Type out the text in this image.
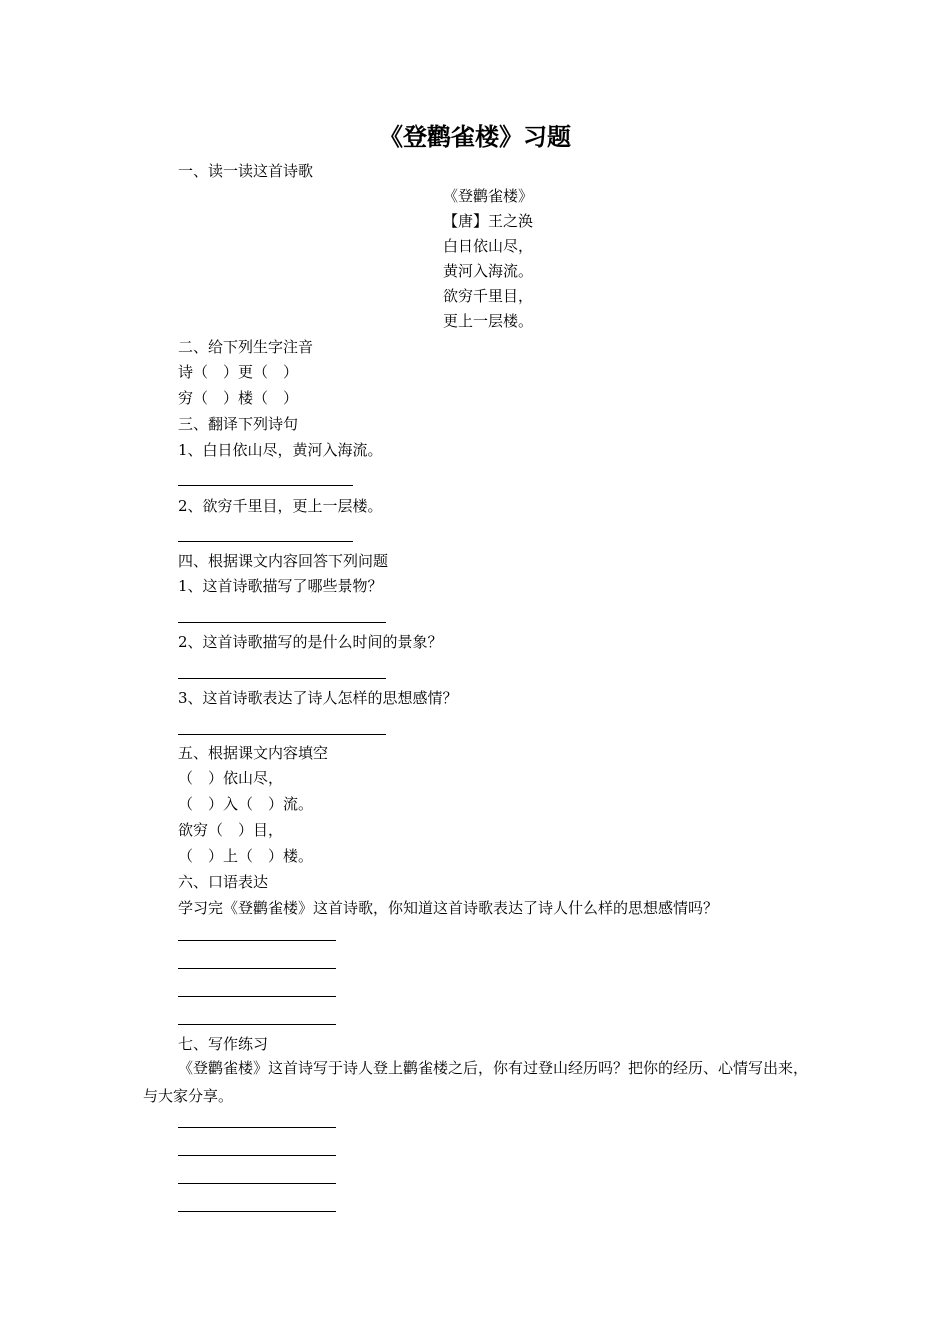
《登鹳雀楼》习题
一、读一读这首诗歌
《登鹳雀楼》
【唐】王之涣
白日依山尽，
黄河入海流。
欲穷千里目，
更上一层楼。
二、给下列生字注音
诗（　）更（　）
穷（　）楼（　）
三、翻译下列诗句
1、白日依山尽，黄河入海流。
2、欲穷千里目，更上一层楼。
四、根据课文内容回答下列问题
1、这首诗歌描写了哪些景物？
2、这首诗歌描写的是什么时间的景象？
3、这首诗歌表达了诗人怎样的思想感情？
五、根据课文内容填空
（　）依山尽，
（　）入（　）流。
欲穷（　）目，
（　）上（　）楼。
六、口语表达
学习完《登鹳雀楼》这首诗歌，你知道这首诗歌表达了诗人什么样的思想感情吗？
七、写作练习
《登鹳雀楼》这首诗写于诗人登上鹳雀楼之后，你有过登山经历吗？把你的经历、心情写出来，与大家分享。
